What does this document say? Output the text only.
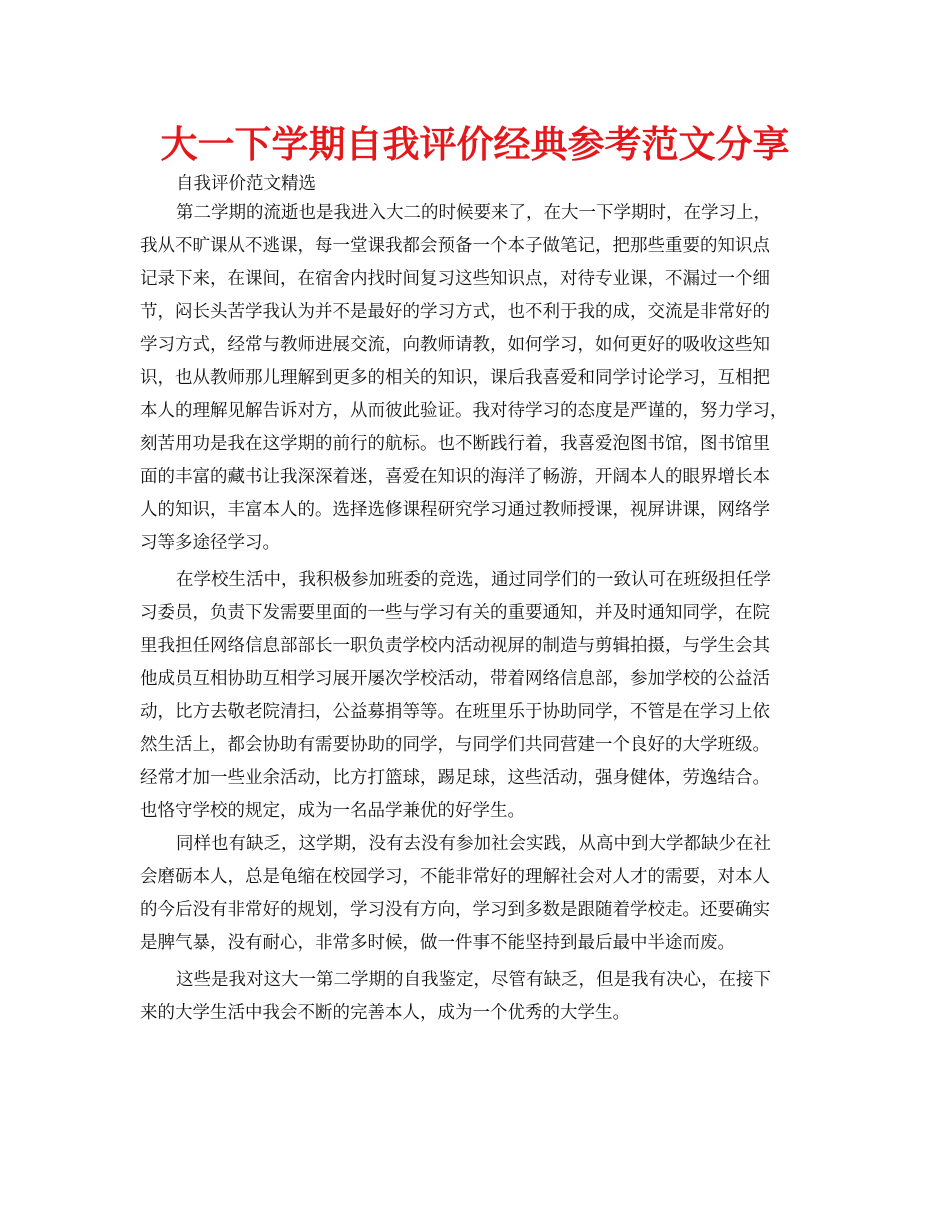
大一下学期自我评价经典参考范文分享
自我评价范文精选
第二学期的流逝也是我进入大二的时候要来了，在大一下学期时，在学习上，
我从不旷课从不逃课，每一堂课我都会预备一个本子做笔记，把那些重要的知识点
记录下来，在课间，在宿舍内找时间复习这些知识点，对待专业课，不漏过一个细
节，闷长头苦学我认为并不是最好的学习方式，也不利于我的成，交流是非常好的
学习方式，经常与教师进展交流，向教师请教，如何学习，如何更好的吸收这些知
识，也从教师那儿理解到更多的相关的知识，课后我喜爱和同学讨论学习，互相把
本人的理解见解告诉对方，从而彼此验证。我对待学习的态度是严谨的，努力学习，
刻苦用功是我在这学期的前行的航标。也不断践行着，我喜爱泡图书馆，图书馆里
面的丰富的藏书让我深深着迷，喜爱在知识的海洋了畅游，开阔本人的眼界增长本
人的知识，丰富本人的。选择选修课程研究学习通过教师授课，视屏讲课，网络学
习等多途径学习。
在学校生活中，我积极参加班委的竞选，通过同学们的一致认可在班级担任学
习委员，负责下发需要里面的一些与学习有关的重要通知，并及时通知同学，在院
里我担任网络信息部部长一职负责学校内活动视屏的制造与剪辑拍摄，与学生会其
他成员互相协助互相学习展开屡次学校活动，带着网络信息部，参加学校的公益活
动，比方去敬老院清扫，公益募捐等等。在班里乐于协助同学，不管是在学习上依
然生活上，都会协助有需要协助的同学，与同学们共同营建一个良好的大学班级。
经常才加一些业余活动，比方打篮球，踢足球，这些活动，强身健体，劳逸结合。
也恪守学校的规定，成为一名品学兼优的好学生。
同样也有缺乏，这学期，没有去没有参加社会实践，从高中到大学都缺少在社
会磨砺本人，总是龟缩在校园学习，不能非常好的理解社会对人才的需要，对本人
的今后没有非常好的规划，学习没有方向，学习到多数是跟随着学校走。还要确实
是脾气暴，没有耐心，非常多时候，做一件事不能坚持到最后最中半途而废。
这些是我对这大一第二学期的自我鉴定，尽管有缺乏，但是我有决心，在接下
来的大学生活中我会不断的完善本人，成为一个优秀的大学生。
